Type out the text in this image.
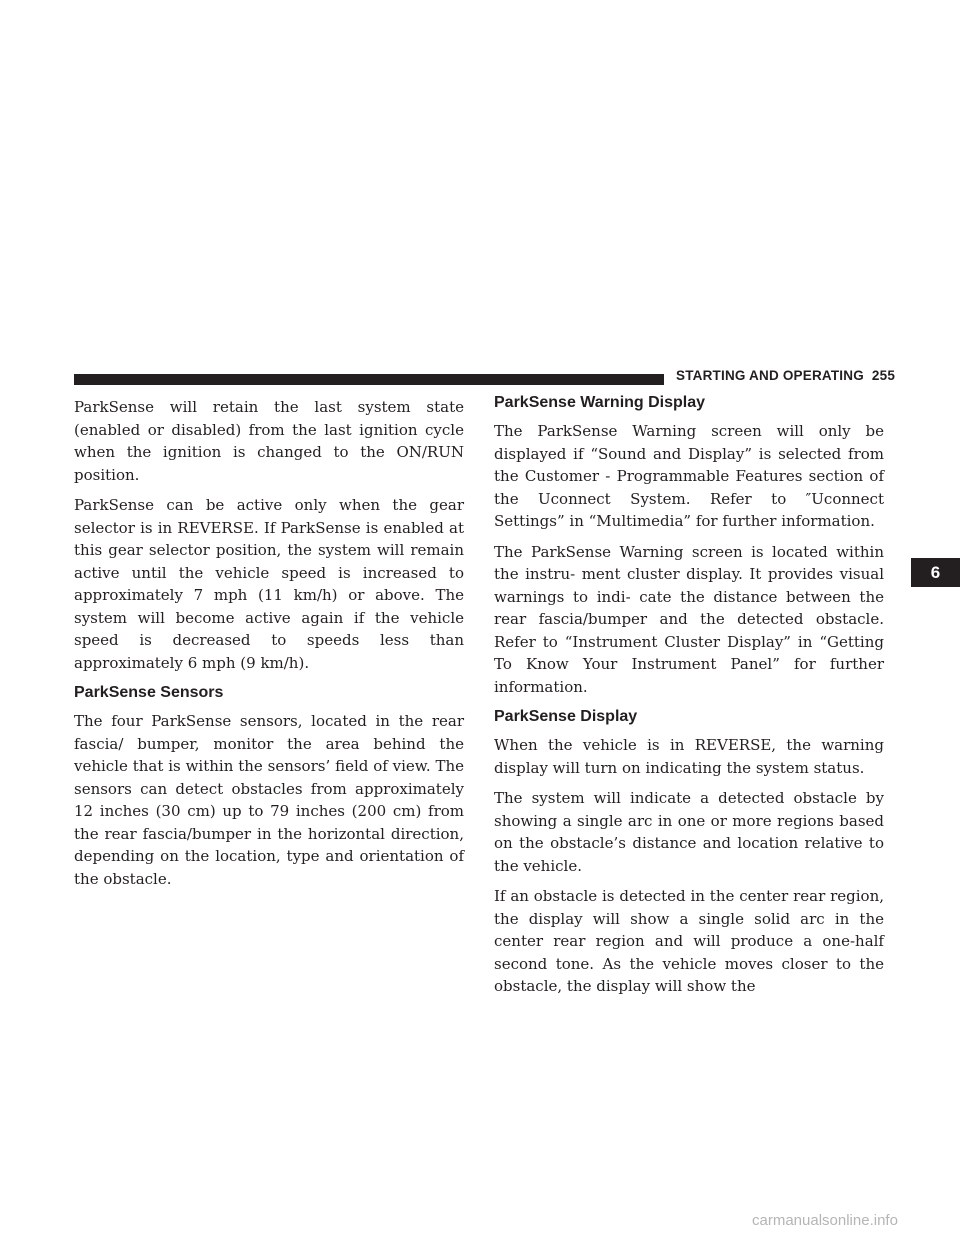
STARTING AND OPERATING 255

ParkSense will retain the last system state (enabled or disabled) from the last ignition cycle when the ignition is changed to the ON/RUN position.

ParkSense can be active only when the gear selector is in REVERSE. If ParkSense is enabled at this gear selector position, the system will remain active until the vehicle speed is increased to approximately 7 mph (11 km/h) or above. The system will become active again if the vehicle speed is decreased to speeds less than approximately 6 mph (9 km/h).

ParkSense Sensors

The four ParkSense sensors, located in the rear fascia/ bumper, monitor the area behind the vehicle that is within the sensors’ field of view. The sensors can detect obstacles from approximately 12 inches (30 cm) up to 79 inches (200 cm) from the rear fascia/bumper in the horizontal direction, depending on the location, type and orientation of the obstacle.

ParkSense Warning Display

The ParkSense Warning screen will only be displayed if “Sound and Display” is selected from the Customer - Programmable Features section of the Uconnect System. Refer to ″Uconnect Settings” in “Multimedia” for further information.

The ParkSense Warning screen is located within the instru- ment cluster display. It provides visual warnings to indi- cate the distance between the rear fascia/bumper and the detected obstacle. Refer to “Instrument Cluster Display” in “Getting To Know Your Instrument Panel” for further information.

ParkSense Display

When the vehicle is in REVERSE, the warning display will turn on indicating the system status.

The system will indicate a detected obstacle by showing a single arc in one or more regions based on the obstacle’s distance and location relative to the vehicle.

If an obstacle is detected in the center rear region, the display will show a single solid arc in the center rear region and will produce a one-half second tone. As the vehicle moves closer to the obstacle, the display will show the

6
carmanualsonline.info
